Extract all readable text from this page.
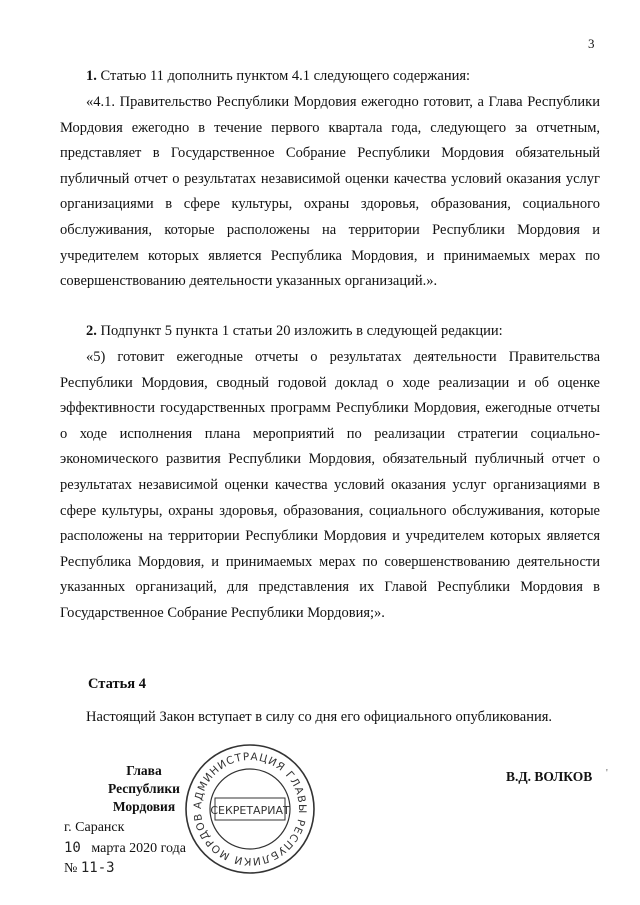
3

1. Статью 11 дополнить пунктом 4.1 следующего содержания:

«4.1. Правительство Республики Мордовия ежегодно готовит, а Глава Республики Мордовия ежегодно в течение первого квартала года, следующего за отчетным, представляет в Государственное Собрание Республики Мордовия обязательный публичный отчет о результатах независимой оценки качества условий оказания услуг организациями в сфере культуры, охраны здоровья, образования, социального обслуживания, которые расположены на территории Республики Мордовия и учредителем которых является Республика Мордовия, и принимаемых мерах по совершенствованию деятельности указанных организаций.».

2. Подпункт 5 пункта 1 статьи 20 изложить в следующей редакции:

«5) готовит ежегодные отчеты о результатах деятельности Правительства Республики Мордовия, сводный годовой доклад о ходе реализации и об оценке эффективности государственных программ Республики Мордовия, ежегодные отчеты о ходе исполнения плана мероприятий по реализации стратегии социально-экономического развития Республики Мордовия, обязательный публичный отчет о результатах независимой оценки качества условий оказания услуг организациями в сфере культуры, охраны здоровья, образования, социального обслуживания, которые расположены на территории Республики Мордовия и учредителем которых является Республика Мордовия, и принимаемых мерах по совершенствованию деятельности указанных организаций, для представления их Главой Республики Мордовия в Государственное Собрание Республики Мордовия;».

Статья 4

Настоящий Закон вступает в силу со дня его официального опубликования.

Глава
Республики Мордовия	АДМИНИСТРАЦИЯ ГЛАВЫ РЕСПУБЛИКИ МОРДОВ СЕКРЕТАРИАТ
В.Д. ВОЛКОВ '
г. Саранск
10 марта 2020 года
№ 11-З
